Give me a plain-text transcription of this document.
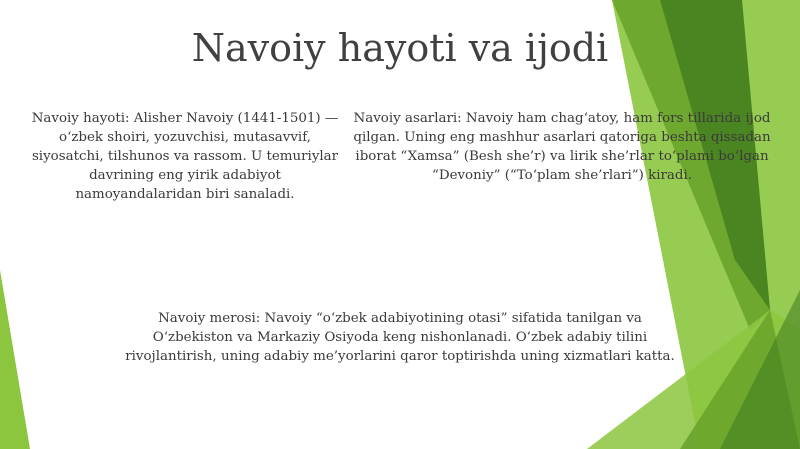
Navoiy hayoti va ijodi
Navoiy hayoti: Alisher Navoiy (1441-1501) — o‘zbek shoiri, yozuvchisi, mutasavvif, siyosatchi, tilshunos va rassom. U temuriylar davrining eng yirik adabiyot namoyandalaridan biri sanaladi.
Navoiy asarlari: Navoiy ham chag‘atoy, ham fors tillarida ijod qilgan. Uning eng mashhur asarlari qatoriga beshta qissadan iborat “Xamsa” (Besh she’r) va lirik she’rlar to‘plami bo‘lgan “Devoniy” (“To‘plam she’rlari”) kiradi.
Navoiy merosi: Navoiy “o‘zbek adabiyotining otasi” sifatida tanilgan va O‘zbekiston va Markaziy Osiyoda keng nishonlanadi. O‘zbek adabiy tilini rivojlantirish, uning adabiy me’yorlarini qaror toptirishda uning xizmatlari katta.
